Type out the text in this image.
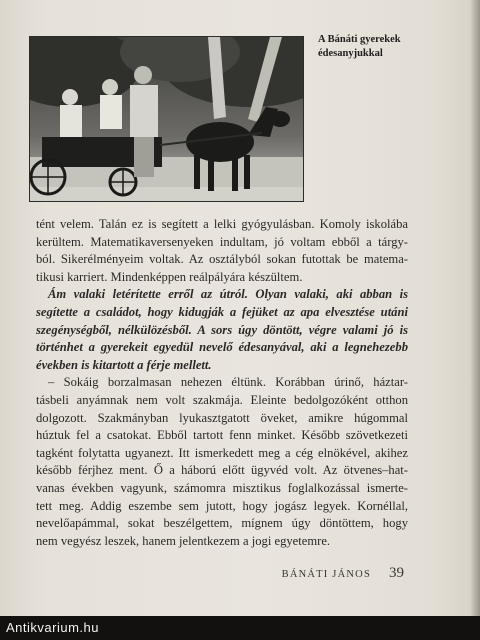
A Bánáti gyerekek
édesanyjukkal
tént velem. Talán ez is segített a lelki gyógyulásban. Komoly iskolába
kerültem. Matematikaversenyeken indultam, jó voltam ebből a tárgy-
ból. Sikerélményeim voltak. Az osztályból sokan futottak be matema-
tikusi karriert. Mindenképpen reálpályára készültem.
Ám valaki letérítette erről az útról. Olyan valaki, aki abban is
segítette a családot, hogy kidugják a fejüket az apa elvesztése utáni
szegénységből, nélkülözésből. A sors úgy döntött, végre valami jó is
történhet a gyerekeit egyedül nevelő édesanyával, aki a legnehezebb
években is kitartott a férje mellett.
– Sokáig borzalmasan nehezen éltünk. Korábban úrinő, háztar-
tásbeli anyámnak nem volt szakmája. Eleinte bedolgozóként otthon
dolgozott. Szakmányban lyukasztgatott öveket, amikre húgommal
húztuk fel a csatokat. Ebből tartott fenn minket. Később szövetkezeti
tagként folytatta ugyanezt. Itt ismerkedett meg a cég elnökével, akihez
később férjhez ment. Ő a háború előtt ügyvéd volt. Az ötvenes–hat-
vanas években vagyunk, számomra misztikus foglalkozással ismerte-
tett meg. Addig eszembe sem jutott, hogy jogász legyek. Kornéllal,
nevelőapámmal, sokat beszélgettem, mígnem úgy döntöttem, hogy
nem vegyész leszek, hanem jelentkezem a jogi egyetemre.
BÁNÁTI JÁNOS 39
Antikvarium.hu
